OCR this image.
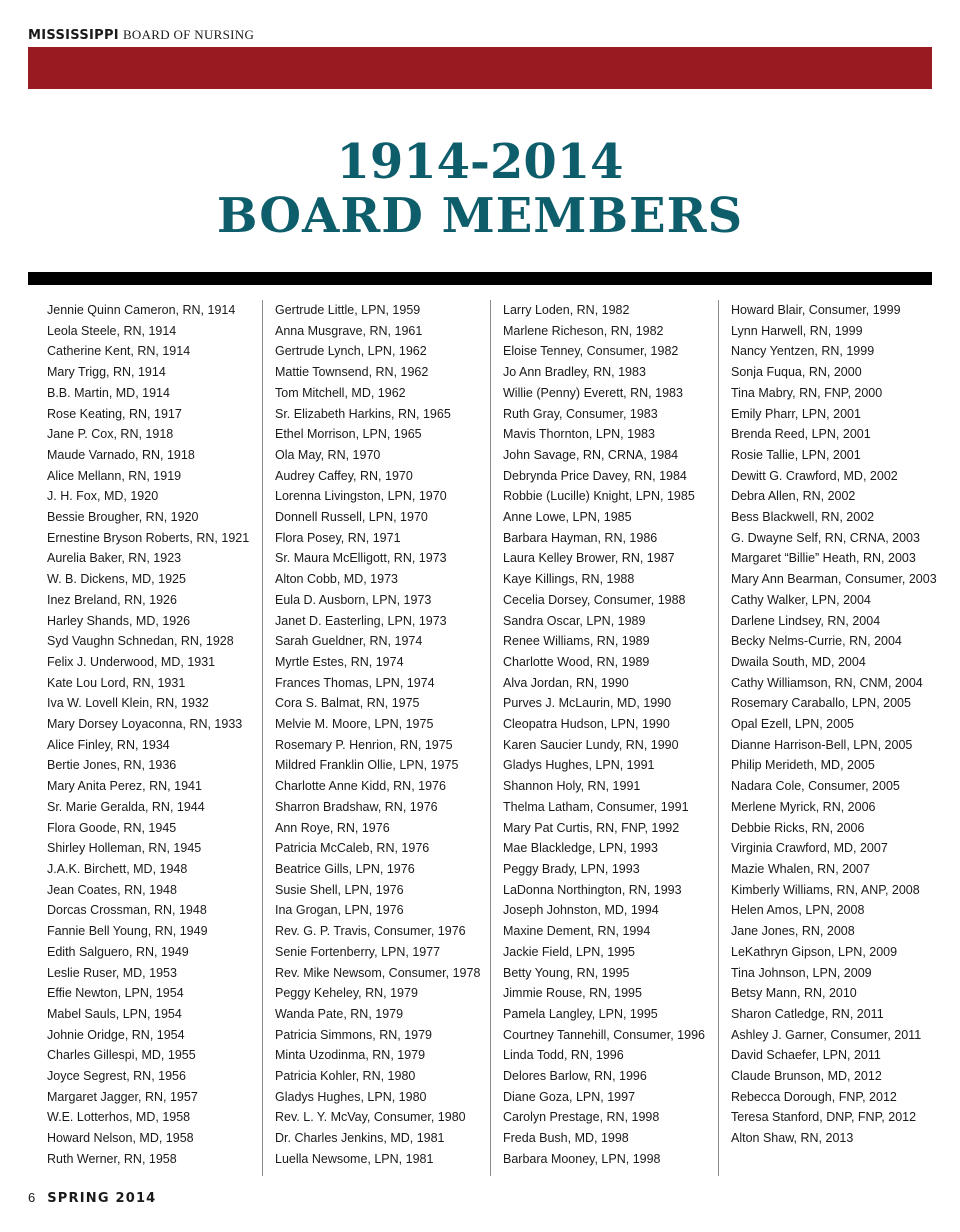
MISSISSIPPI BOARD OF NURSING
1914-2014
BOARD MEMBERS
Jennie Quinn Cameron, RN, 1914
Leola Steele, RN, 1914
Catherine Kent, RN, 1914
Mary Trigg, RN, 1914
B.B. Martin, MD, 1914
Rose Keating, RN, 1917
Jane P. Cox, RN, 1918
Maude Varnado, RN, 1918
Alice Mellann, RN, 1919
J. H. Fox, MD, 1920
Bessie Brougher, RN, 1920
Ernestine Bryson Roberts, RN, 1921
Aurelia Baker, RN, 1923
W. B. Dickens, MD, 1925
Inez Breland, RN, 1926
Harley Shands, MD, 1926
Syd Vaughn Schnedan, RN, 1928
Felix J. Underwood, MD, 1931
Kate Lou Lord, RN, 1931
Iva W. Lovell Klein, RN, 1932
Mary Dorsey Loyaconna, RN, 1933
Alice Finley, RN, 1934
Bertie Jones, RN, 1936
Mary Anita Perez, RN, 1941
Sr. Marie Geralda, RN, 1944
Flora Goode, RN, 1945
Shirley Holleman, RN, 1945
J.A.K. Birchett, MD, 1948
Jean Coates, RN, 1948
Dorcas Crossman, RN, 1948
Fannie Bell Young, RN, 1949
Edith Salguero, RN, 1949
Leslie Ruser, MD, 1953
Effie Newton, LPN, 1954
Mabel Sauls, LPN, 1954
Johnie Oridge, RN, 1954
Charles Gillespi, MD, 1955
Joyce Segrest, RN, 1956
Margaret Jagger, RN, 1957
W.E. Lotterhos, MD, 1958
Howard Nelson, MD, 1958
Ruth Werner, RN, 1958
Gertrude Little, LPN, 1959
Anna Musgrave, RN, 1961
Gertrude Lynch, LPN, 1962
Mattie Townsend, RN, 1962
Tom Mitchell, MD, 1962
Sr. Elizabeth Harkins, RN, 1965
Ethel Morrison, LPN, 1965
Ola May, RN, 1970
Audrey Caffey, RN, 1970
Lorenna Livingston, LPN, 1970
Donnell Russell, LPN, 1970
Flora Posey, RN, 1971
Sr. Maura McElligott, RN, 1973
Alton Cobb, MD, 1973
Eula D. Ausborn, LPN, 1973
Janet D. Easterling, LPN, 1973
Sarah Gueldner, RN, 1974
Myrtle Estes, RN, 1974
Frances Thomas, LPN, 1974
Cora S. Balmat, RN, 1975
Melvie M. Moore, LPN, 1975
Rosemary P. Henrion, RN, 1975
Mildred Franklin Ollie, LPN, 1975
Charlotte Anne Kidd, RN, 1976
Sharron Bradshaw, RN, 1976
Ann Roye, RN, 1976
Patricia McCaleb, RN, 1976
Beatrice Gills, LPN, 1976
Susie Shell, LPN, 1976
Ina Grogan, LPN, 1976
Rev. G. P. Travis, Consumer, 1976
Senie Fortenberry, LPN, 1977
Rev. Mike Newsom, Consumer, 1978
Peggy Keheley, RN, 1979
Wanda Pate, RN, 1979
Patricia Simmons, RN, 1979
Minta Uzodinma, RN, 1979
Patricia Kohler, RN, 1980
Gladys Hughes, LPN, 1980
Rev. L. Y. McVay, Consumer, 1980
Dr. Charles Jenkins, MD, 1981
Luella Newsome, LPN, 1981
Larry Loden, RN, 1982
Marlene Richeson, RN, 1982
Eloise Tenney, Consumer, 1982
Jo Ann Bradley, RN, 1983
Willie (Penny) Everett, RN, 1983
Ruth Gray, Consumer, 1983
Mavis Thornton, LPN, 1983
John Savage, RN, CRNA, 1984
Debrynda Price Davey, RN, 1984
Robbie (Lucille) Knight, LPN, 1985
Anne Lowe, LPN, 1985
Barbara Hayman, RN, 1986
Laura Kelley Brower, RN, 1987
Kaye Killings, RN, 1988
Cecelia Dorsey, Consumer, 1988
Sandra Oscar, LPN, 1989
Renee Williams, RN, 1989
Charlotte Wood, RN, 1989
Alva Jordan, RN, 1990
Purves J. McLaurin, MD, 1990
Cleopatra Hudson, LPN, 1990
Karen Saucier Lundy, RN, 1990
Gladys Hughes, LPN, 1991
Shannon Holy, RN, 1991
Thelma Latham, Consumer, 1991
Mary Pat Curtis, RN, FNP, 1992
Mae Blackledge, LPN, 1993
Peggy Brady, LPN, 1993
LaDonna Northington, RN, 1993
Joseph Johnston, MD, 1994
Maxine Dement, RN, 1994
Jackie Field, LPN, 1995
Betty Young, RN, 1995
Jimmie Rouse, RN, 1995
Pamela Langley, LPN, 1995
Courtney Tannehill, Consumer, 1996
Linda Todd, RN, 1996
Delores Barlow, RN, 1996
Diane Goza, LPN, 1997
Carolyn Prestage, RN, 1998
Freda Bush, MD, 1998
Barbara Mooney, LPN, 1998
Howard Blair, Consumer, 1999
Lynn Harwell, RN, 1999
Nancy Yentzen, RN, 1999
Sonja Fuqua, RN, 2000
Tina Mabry, RN, FNP, 2000
Emily Pharr, LPN, 2001
Brenda Reed, LPN, 2001
Rosie Tallie, LPN, 2001
Dewitt G. Crawford, MD, 2002
Debra Allen, RN, 2002
Bess Blackwell, RN, 2002
G. Dwayne Self, RN, CRNA, 2003
Margaret “Billie” Heath, RN, 2003
Mary Ann Bearman, Consumer, 2003
Cathy Walker, LPN, 2004
Darlene Lindsey, RN, 2004
Becky Nelms-Currie, RN, 2004
Dwaila South, MD, 2004
Cathy Williamson, RN, CNM, 2004
Rosemary Caraballo, LPN, 2005
Opal Ezell, LPN, 2005
Dianne Harrison-Bell, LPN, 2005
Philip Merideth, MD, 2005
Nadara Cole, Consumer, 2005
Merlene Myrick, RN, 2006
Debbie Ricks, RN, 2006
Virginia Crawford, MD, 2007
Mazie Whalen, RN, 2007
Kimberly Williams, RN, ANP, 2008
Helen Amos, LPN, 2008
Jane Jones, RN, 2008
LeKathryn Gipson, LPN, 2009
Tina Johnson, LPN, 2009
Betsy Mann, RN, 2010
Sharon Catledge, RN, 2011
Ashley J. Garner, Consumer, 2011
David Schaefer, LPN, 2011
Claude Brunson, MD, 2012
Rebecca Dorough, FNP, 2012
Teresa Stanford, DNP, FNP, 2012
Alton Shaw, RN, 2013
6 SPRING 2014
